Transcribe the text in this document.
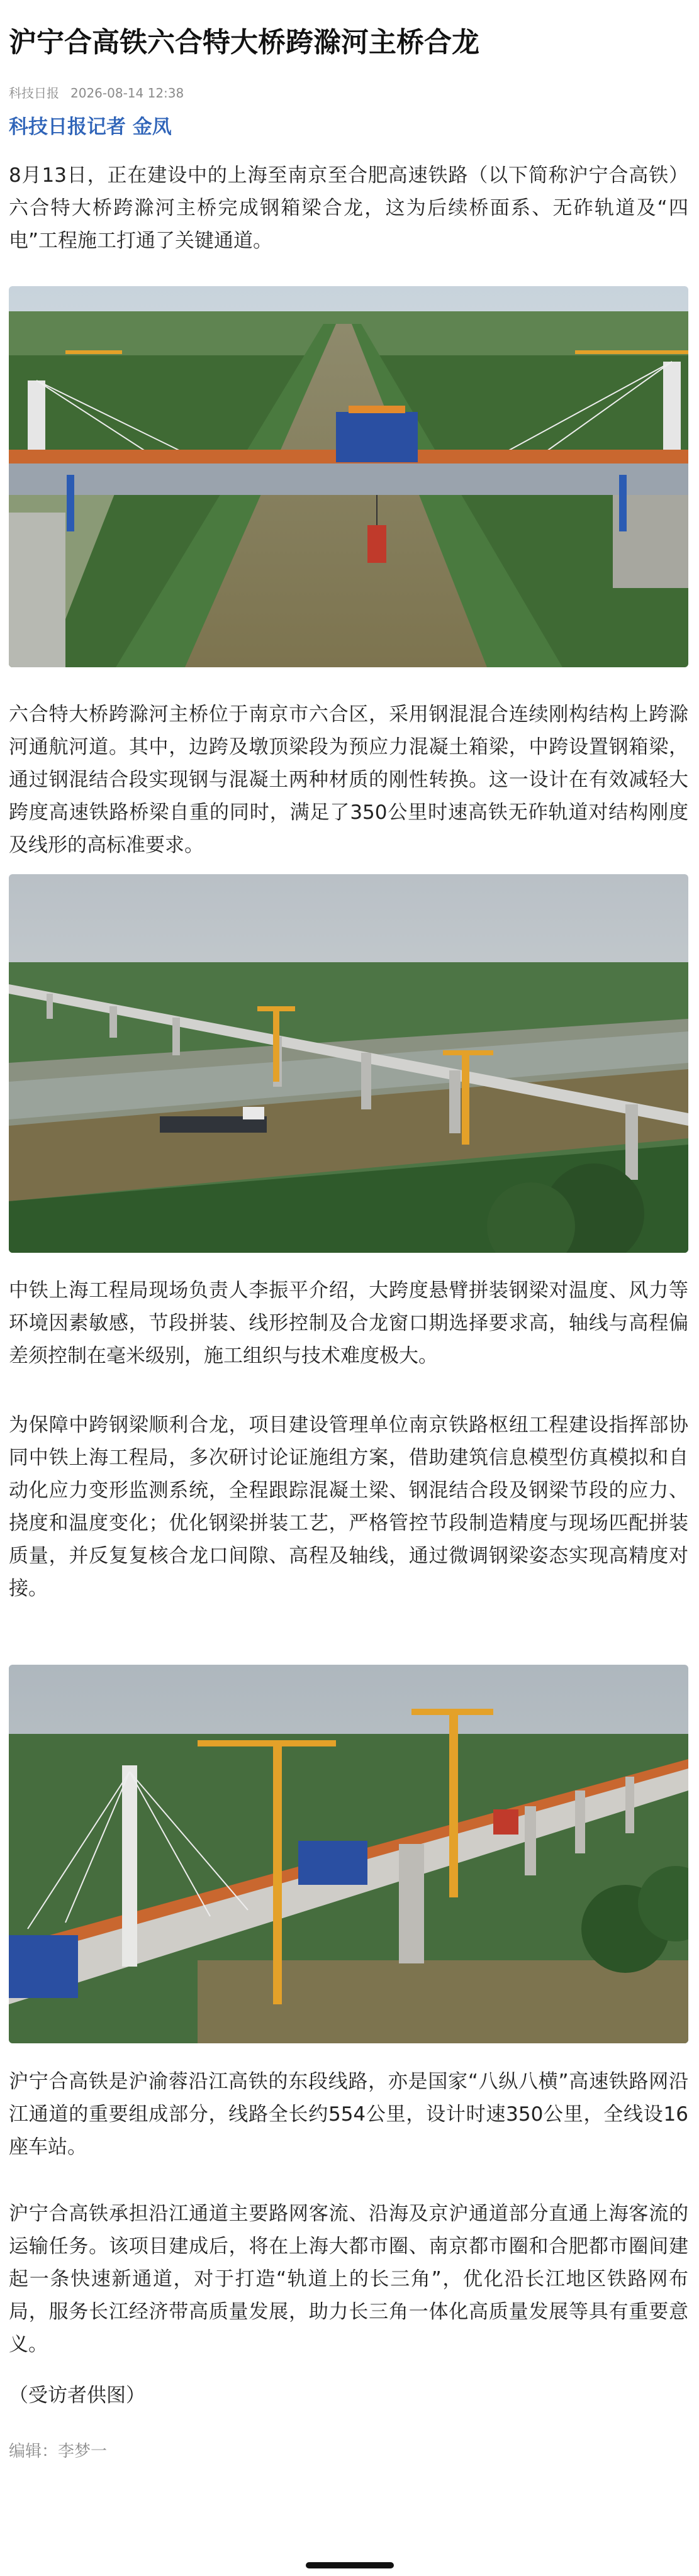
沪宁合高铁六合特大桥跨滁河主桥合龙
科技日报 2026-08-14 12:38
科技日报记者 金凤

8月13日，正在建设中的上海至南京至合肥高速铁路（以下简称沪宁合高铁）六合特大桥跨滁河主桥完成钢箱梁合龙，这为后续桥面系、无砟轨道及“四电”工程施工打通了关键通道。

六合特大桥跨滁河主桥位于南京市六合区，采用钢混混合连续刚构结构上跨滁河通航河道。其中，边跨及墩顶梁段为预应力混凝土箱梁，中跨设置钢箱梁，通过钢混结合段实现钢与混凝土两种材质的刚性转换。这一设计在有效减轻大跨度高速铁路桥梁自重的同时，满足了350公里时速高铁无砟轨道对结构刚度及线形的高标准要求。

中铁上海工程局现场负责人李振平介绍，大跨度悬臂拼装钢梁对温度、风力等环境因素敏感，节段拼装、线形控制及合龙窗口期选择要求高，轴线与高程偏差须控制在毫米级别，施工组织与技术难度极大。

为保障中跨钢梁顺利合龙，项目建设管理单位南京铁路枢纽工程建设指挥部协同中铁上海工程局，多次研讨论证施组方案，借助建筑信息模型仿真模拟和自动化应力变形监测系统，全程跟踪混凝土梁、钢混结合段及钢梁节段的应力、挠度和温度变化；优化钢梁拼装工艺，严格管控节段制造精度与现场匹配拼装质量，并反复复核合龙口间隙、高程及轴线，通过微调钢梁姿态实现高精度对接。

沪宁合高铁是沪渝蓉沿江高铁的东段线路，亦是国家“八纵八横”高速铁路网沿江通道的重要组成部分，线路全长约554公里，设计时速350公里，全线设16座车站。

沪宁合高铁承担沿江通道主要路网客流、沿海及京沪通道部分直通上海客流的运输任务。该项目建成后，将在上海大都市圈、南京都市圈和合肥都市圈间建起一条快速新通道，对于打造“轨道上的长三角”，优化沿长江地区铁路网布局，服务长江经济带高质量发展，助力长三角一体化高质量发展等具有重要意义。

（受访者供图）

编辑：李梦一
